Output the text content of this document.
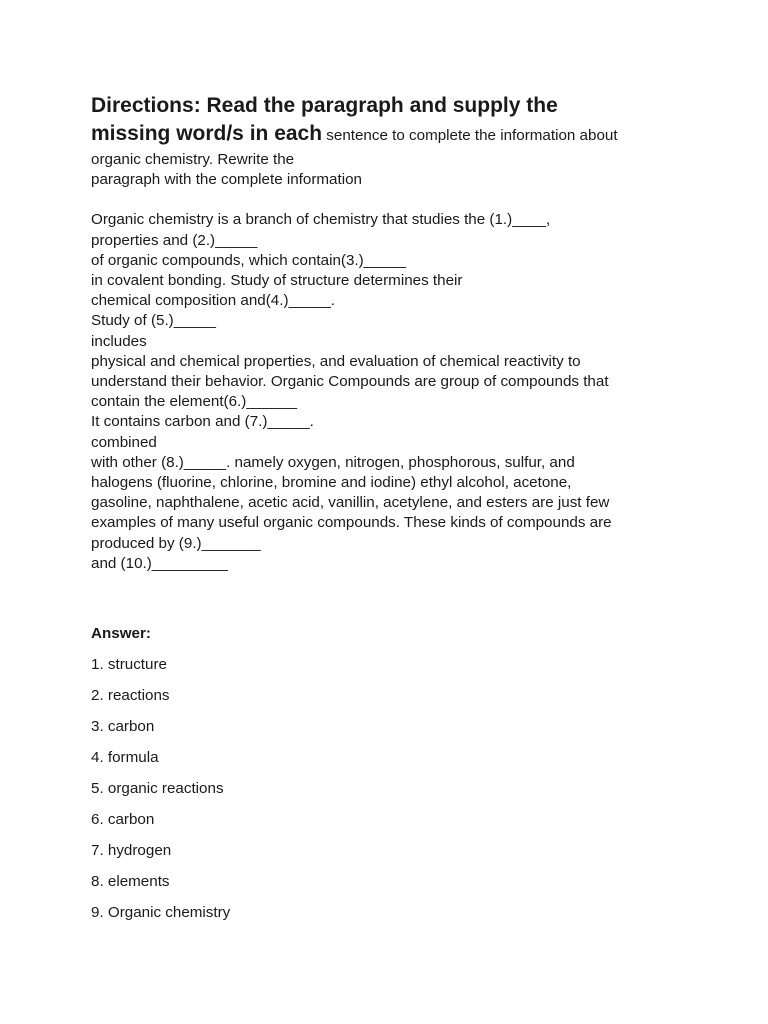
Directions: Read the paragraph and supply the
missing word/s in each sentence to complete the information about
organic chemistry. Rewrite the
paragraph with the complete information
Organic chemistry is a branch of chemistry that studies the (1.)____,
properties and (2.)_____
of organic compounds, which contain(3.)_____
in covalent bonding. Study of structure determines their
chemical composition and(4.)_____.
Study of (5.)_____
includes
physical and chemical properties, and evaluation of chemical reactivity to
understand their behavior. Organic Compounds are group of compounds that
contain the element(6.)______
It contains carbon and (7.)_____.
combined
with other (8.)_____. namely oxygen, nitrogen, phosphorous, sulfur, and
halogens (fluorine, chlorine, bromine and iodine) ethyl alcohol, acetone,
gasoline, naphthalene, acetic acid, vanillin, acetylene, and esters are just few
examples of many useful organic compounds. These kinds of compounds are
produced by (9.)_______
and (10.)_________
Answer:
1. structure
2. reactions
3. carbon
4. formula
5. organic reactions
6. carbon
7. hydrogen
8. elements
9. Organic chemistry
